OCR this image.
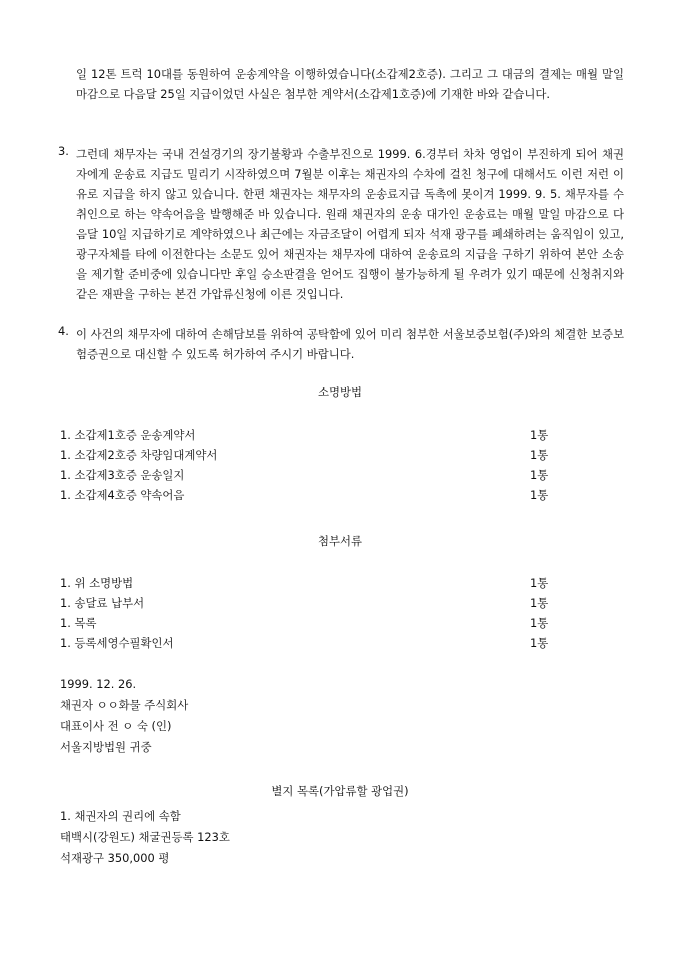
일 12톤 트럭 10대를 동원하여 운송계약을 이행하였습니다(소갑제2호증). 그리고 그 대금의 결제는 매월 말일 마감으로 다음달 25일 지급이었던 사실은 첨부한 계약서(소갑제1호증)에 기재한 바와 같습니다.
3. 그런데 채무자는 국내 건설경기의 장기불황과 수출부진으로 1999. 6.경부터 차차 영업이 부진하게 되어 채권자에게 운송료 지급도 밀리기 시작하였으며 7월분 이후는 채권자의 수차에 걸친 청구에 대해서도 이런 저런 이유로 지급을 하지 않고 있습니다. 한편 채권자는 채무자의 운송료지급 독촉에 못이겨 1999. 9. 5. 채무자를 수취인으로 하는 약속어음을 발행해준 바 있습니다. 원래 채권자의 운송 대가인 운송료는 매월 말일 마감으로 다음달 10일 지급하기로 계약하였으나 최근에는 자금조달이 어렵게 되자 석재 광구를 폐쇄하려는 움직임이 있고, 광구자체를 타에 이전한다는 소문도 있어 채권자는 채무자에 대하여 운송료의 지급을 구하기 위하여 본안 소송을 제기할 준비중에 있습니다만 후일 승소판결을 얻어도 집행이 불가능하게 될 우려가 있기 때문에 신청취지와 같은 재판을 구하는 본건 가압류신청에 이른 것입니다.
4. 이 사건의 채무자에 대하여 손해담보를 위하여 공탁함에 있어 미리 첨부한 서울보증보험(주)와의 체결한 보증보험증권으로 대신할 수 있도록 허가하여 주시기 바랍니다.
소명방법
1. 소갑제1호증 운송계약서	1통
1. 소갑제2호증 차량임대계약서	1통
1. 소갑제3호증 운송일지	1통
1. 소갑제4호증 약속어음	1통
첨부서류
1. 위 소명방법	1통
1. 송달료 납부서	1통
1. 목록	1통
1. 등록세영수필확인서	1통
1999. 12. 26.
채권자 ㅇㅇ화물 주식회사
대표이사 전 ㅇ 숙 (인)
서울지방법원 귀중
별지 목록(가압류할 광업권)
1. 채권자의 권리에 속함
태백시(강원도) 채굴권등록 123호
석재광구 350,000 평
